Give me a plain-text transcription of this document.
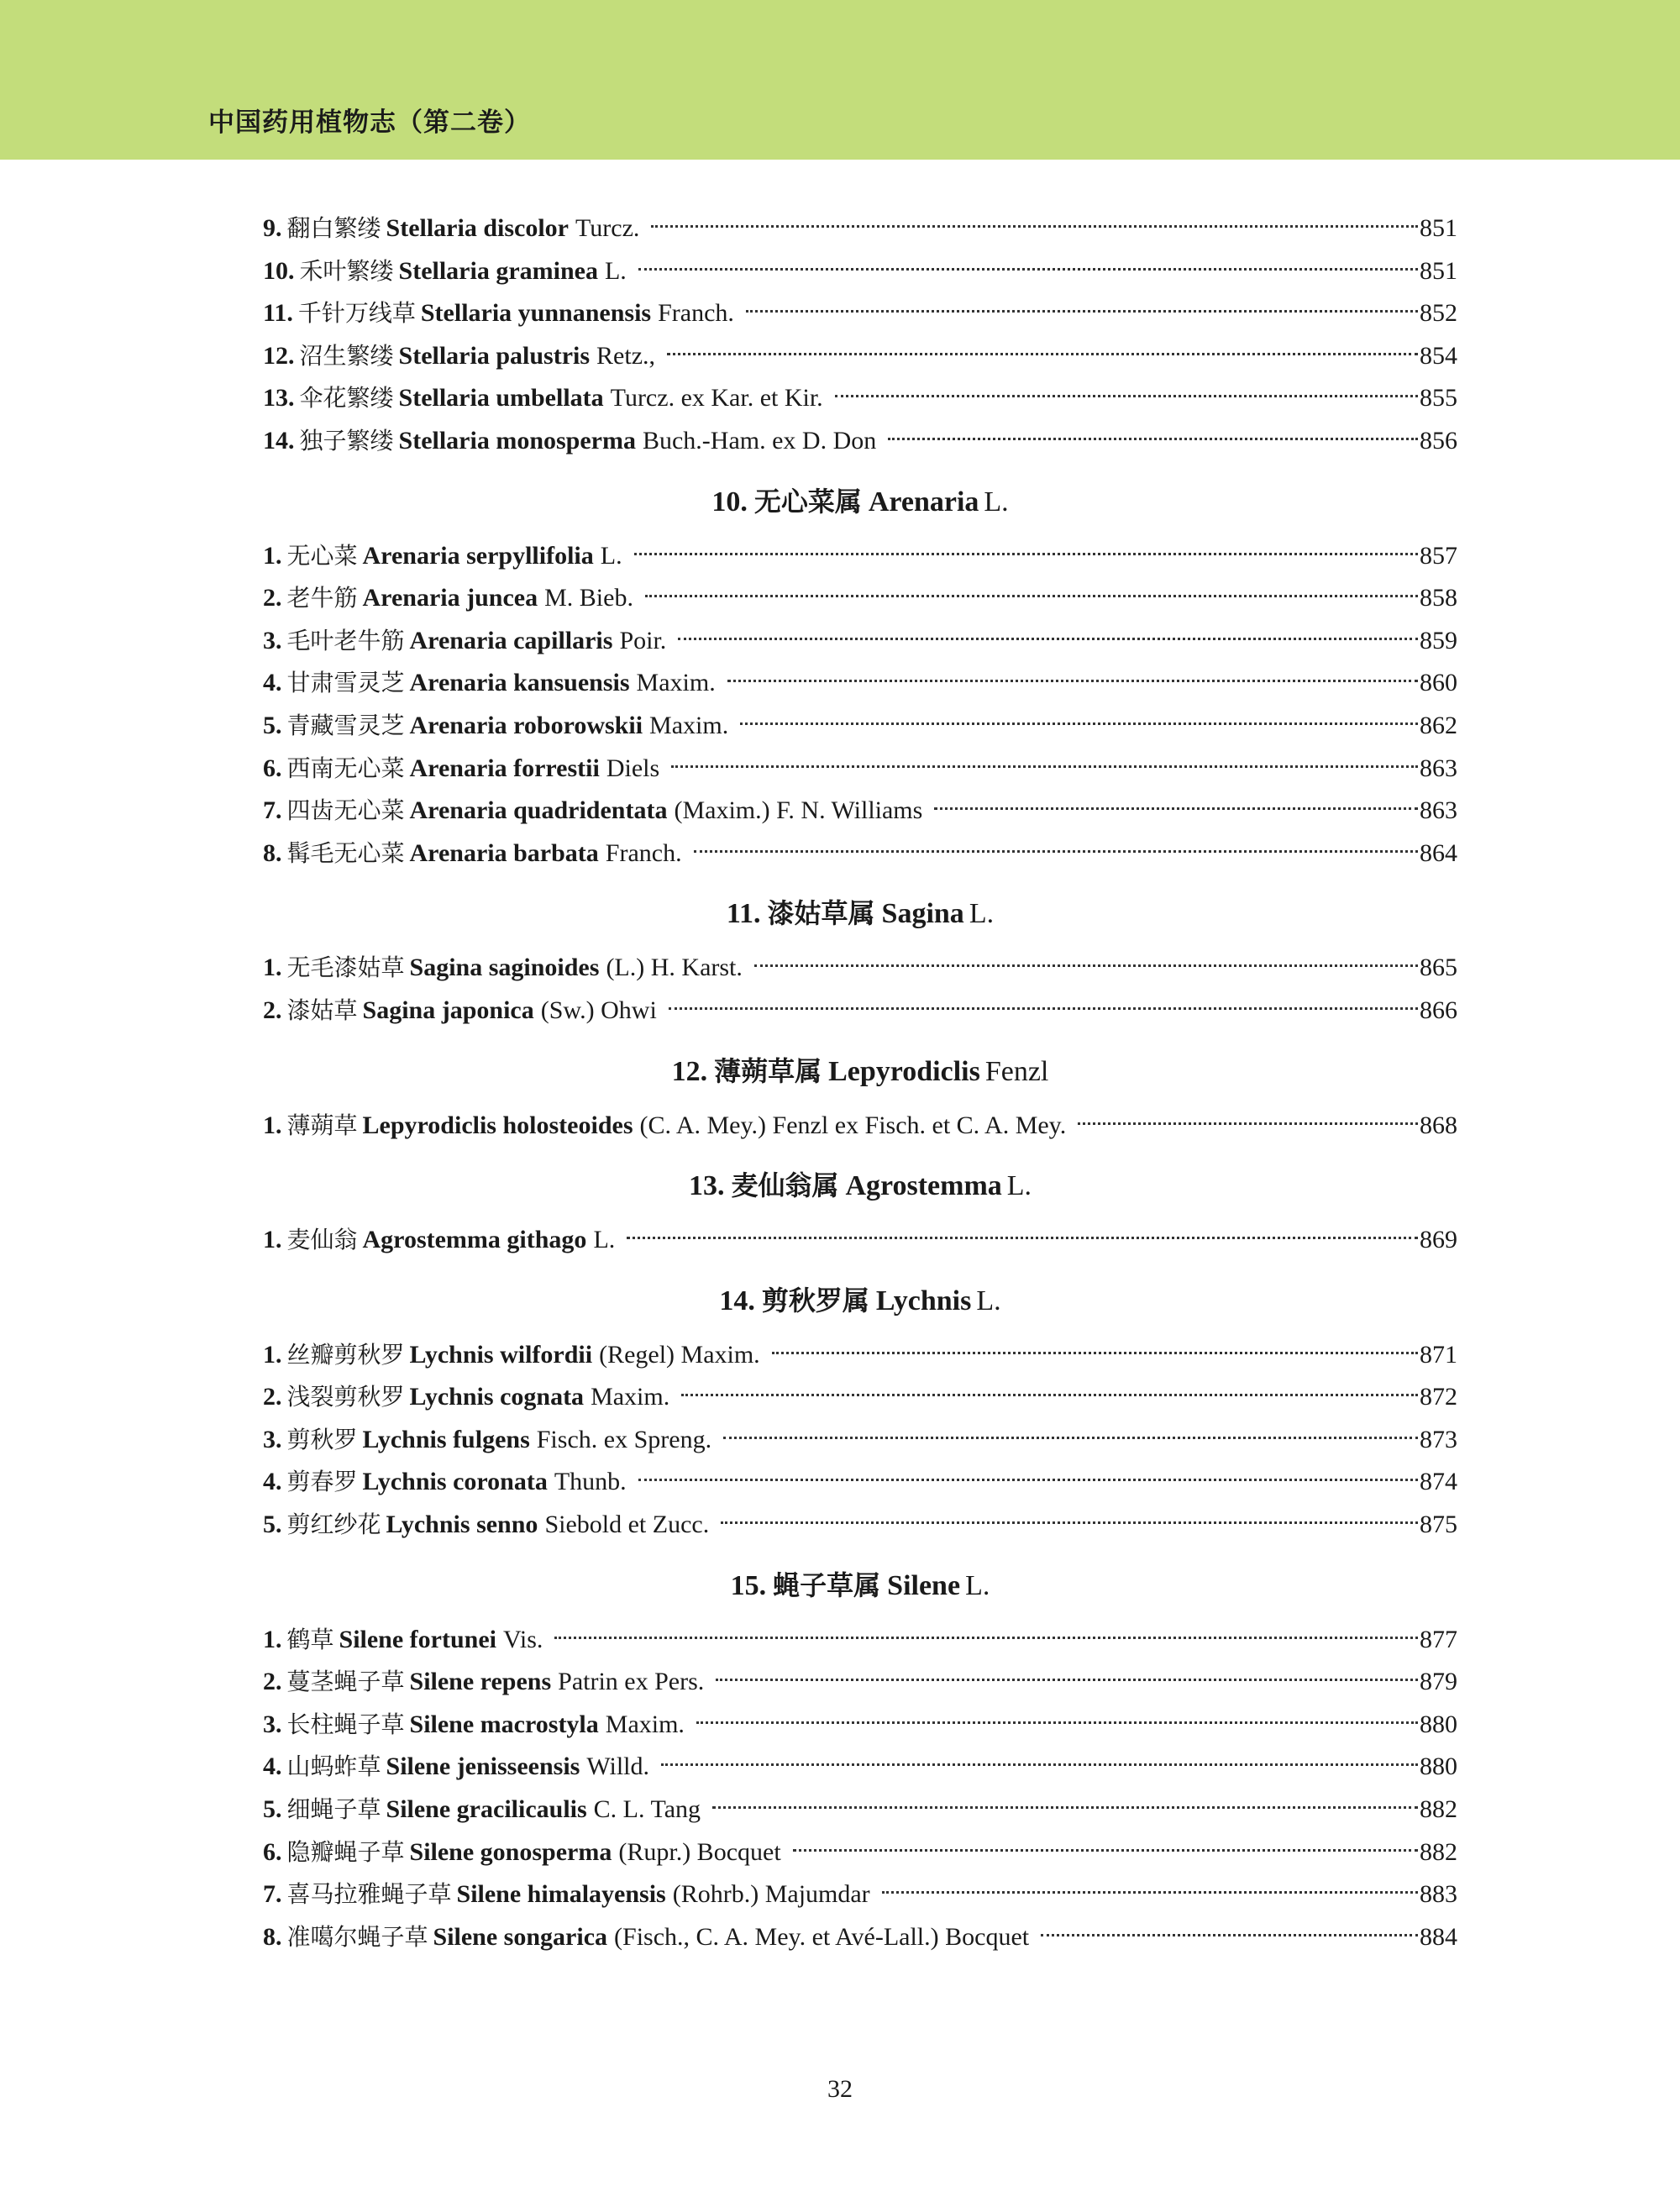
中国药用植物志（第二卷）
9. 翻白繁缕 Stellaria discolor Turcz.	851
10. 禾叶繁缕 Stellaria graminea L.	851
11. 千针万线草 Stellaria yunnanensis Franch.	852
12. 沼生繁缕 Stellaria palustris Retz.,	854
13. 伞花繁缕 Stellaria umbellata Turcz. ex Kar. et Kir.	855
14. 独子繁缕 Stellaria monosperma Buch.-Ham. ex D. Don	856
10. 无心菜属 Arenaria L.
1. 无心菜 Arenaria serpyllifolia L.	857
2. 老牛筋 Arenaria juncea M. Bieb.	858
3. 毛叶老牛筋 Arenaria capillaris Poir.	859
4. 甘肃雪灵芝 Arenaria kansuensis Maxim.	860
5. 青藏雪灵芝 Arenaria roborowskii Maxim.	862
6. 西南无心菜 Arenaria forrestii Diels	863
7. 四齿无心菜 Arenaria quadridentata (Maxim.) F. N. Williams	863
8. 髯毛无心菜 Arenaria barbata Franch.	864
11. 漆姑草属 Sagina L.
1. 无毛漆姑草 Sagina saginoides (L.) H. Karst.	865
2. 漆姑草 Sagina japonica (Sw.) Ohwi	866
12. 薄蒴草属 Lepyrodiclis Fenzl
1. 薄蒴草 Lepyrodiclis holosteoides (C. A. Mey.) Fenzl ex Fisch. et C. A. Mey.	868
13. 麦仙翁属 Agrostemma L.
1. 麦仙翁 Agrostemma githago L.	869
14. 剪秋罗属 Lychnis L.
1. 丝瓣剪秋罗 Lychnis wilfordii (Regel) Maxim.	871
2. 浅裂剪秋罗 Lychnis cognata Maxim.	872
3. 剪秋罗 Lychnis fulgens Fisch. ex Spreng.	873
4. 剪春罗 Lychnis coronata Thunb.	874
5. 剪红纱花 Lychnis senno Siebold et Zucc.	875
15. 蝇子草属 Silene L.
1. 鹤草 Silene fortunei Vis.	877
2. 蔓茎蝇子草 Silene repens Patrin ex Pers.	879
3. 长柱蝇子草 Silene macrostyla Maxim.	880
4. 山蚂蚱草 Silene jenisseensis Willd.	880
5. 细蝇子草 Silene gracilicaulis C. L. Tang	882
6. 隐瓣蝇子草 Silene gonosperma (Rupr.) Bocquet	882
7. 喜马拉雅蝇子草 Silene himalayensis (Rohrb.) Majumdar	883
8. 准噶尔蝇子草 Silene songarica (Fisch., C. A. Mey. et Avé-Lall.) Bocquet	884
32
